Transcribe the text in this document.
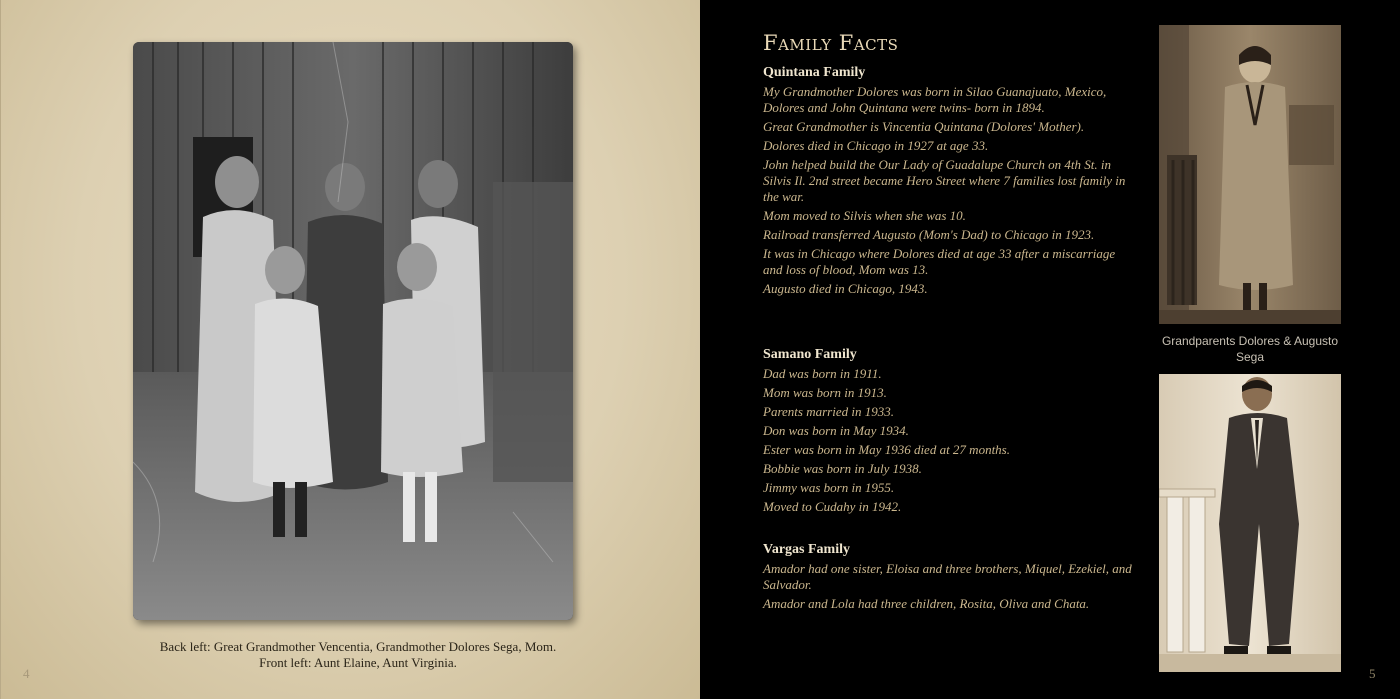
Back left: Great Grandmother Vencentia, Grandmother Dolores Sega, Mom.
Front left: Aunt Elaine, Aunt Virginia.
4
Family Facts
Quintana Family
My Grandmother Dolores was born in Silao Guanajuato, Mexico, Dolores and John Quintana were twins- born in 1894.
Great Grandmother is Vincentia Quintana (Dolores' Mother).
Dolores died in Chicago in 1927 at age 33.
John helped build the Our Lady of Guadalupe Church on 4th St. in Silvis Il. 2nd street became Hero Street where 7 families lost family in the war.
Mom moved to Silvis when she was 10.
Railroad transferred Augusto (Mom's Dad) to Chicago in 1923.
It was in Chicago where Dolores died at age 33 after a miscarriage and loss of blood, Mom was 13.
Augusto died in Chicago, 1943.
Samano Family
Dad was born in 1911.
Mom was born in 1913.
Parents married in 1933.
Don was born in May 1934.
Ester was born in May 1936 died at 27 months.
Bobbie was born in July 1938.
Jimmy was born in 1955.
Moved to Cudahy in 1942.
Vargas Family
Amador had one sister, Eloisa and three brothers, Miquel, Ezekiel, and Salvador.
Amador and Lola had three children, Rosita, Oliva and Chata.
Grandparents Dolores & Augusto Sega
5
